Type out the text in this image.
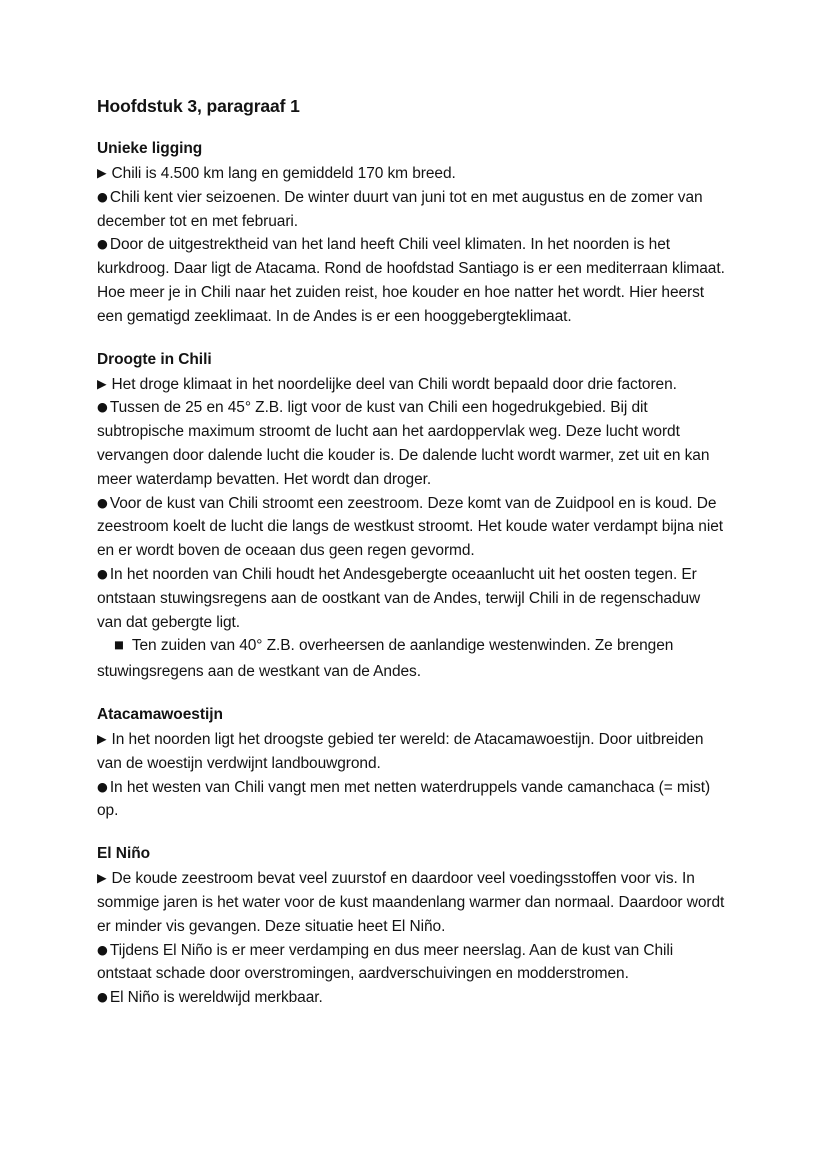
Hoofdstuk 3, paragraaf 1
Unieke ligging

▶ Chili is 4.500 km lang en gemiddeld 170 km breed.

● Chili kent vier seizoenen. De winter duurt van juni tot en met augustus en de zomer van december tot en met februari.

● Door de uitgestrektheid van het land heeft Chili veel klimaten. In het noorden is het kurkdroog. Daar ligt de Atacama. Rond de hoofdstad Santiago is er een mediterraan klimaat. Hoe meer je in Chili naar het zuiden reist, hoe kouder en hoe natter het wordt. Hier heerst een gematigd zeeklimaat. In de Andes is er een hooggebergteklimaat.

Droogte in Chili

▶ Het droge klimaat in het noordelijke deel van Chili wordt bepaald door drie factoren.

● Tussen de 25 en 45° Z.B. ligt voor de kust van Chili een hogedrukgebied. Bij dit subtropische maximum stroomt de lucht aan het aardoppervlak weg. Deze lucht wordt vervangen door dalende lucht die kouder is. De dalende lucht wordt warmer, zet uit en kan meer waterdamp bevatten. Het wordt dan droger.

● Voor de kust van Chili stroomt een zeestroom. Deze komt van de Zuidpool en is koud. De zeestroom koelt de lucht die langs de westkust stroomt. Het koude water verdampt bijna niet en er wordt boven de oceaan dus geen regen gevormd.

● In het noorden van Chili houdt het Andesgebergte oceaanlucht uit het oosten tegen. Er ontstaan stuwingsregens aan de oostkant van de Andes, terwijl Chili in de regenschaduw van dat gebergte ligt.

■ Ten zuiden van 40° Z.B. overheersen de aanlandige westenwinden. Ze brengen stuwingsregens aan de westkant van de Andes.

Atacamawoestijn

▶ In het noorden ligt het droogste gebied ter wereld: de Atacamawoestijn. Door uitbreiden van de woestijn verdwijnt landbouwgrond.

● In het westen van Chili vangt men met netten waterdruppels vande camanchaca (= mist) op.

El Niño

▶ De koude zeestroom bevat veel zuurstof en daardoor veel voedingsstoffen voor vis. In sommige jaren is het water voor de kust maandenlang warmer dan normaal. Daardoor wordt er minder vis gevangen. Deze situatie heet El Niño.

● Tijdens El Niño is er meer verdamping en dus meer neerslag. Aan de kust van Chili ontstaat schade door overstromingen, aardverschuivingen en modderstromen.

● El Niño is wereldwijd merkbaar.
